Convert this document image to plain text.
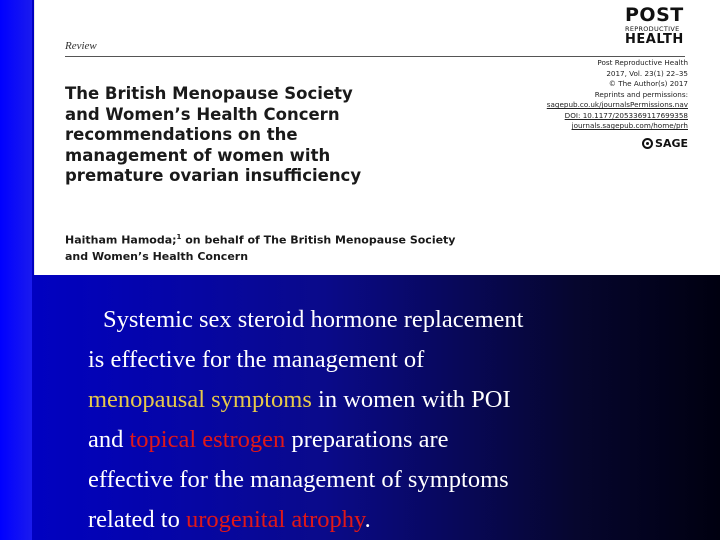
Review
POST
REPRODUCTIVE
HEALTH
The British Menopause Society
and Women’s Health Concern
recommendations on the
management of women with
premature ovarian insufficiency
Post Reproductive Health
2017, Vol. 23(1) 22–35
© The Author(s) 2017
Reprints and permissions:
sagepub.co.uk/journalsPermissions.nav
DOI: 10.1177/2053369117699358
journals.sagepub.com/home/prh
SAGE
Haitham Hamoda;$^1$ on behalf of The British Menopause Society
and Women’s Health Concern
Systemic sex steroid hormone replacement
is effective for the management of
menopausal symptoms in women with POI
and topical estrogen preparations are
effective for the management of symptoms
related to urogenital atrophy.
